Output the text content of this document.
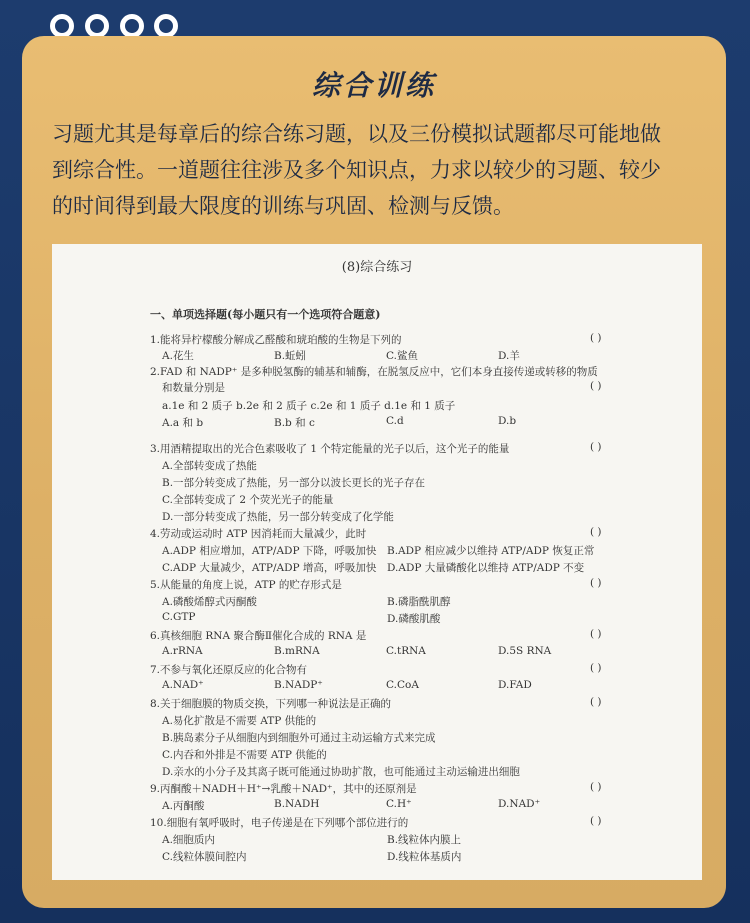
综合训练
习题尤其是每章后的综合练习题，以及三份模拟试题都尽可能地做
到综合性。一道题往往涉及多个知识点，力求以较少的习题、较少
的时间得到最大限度的训练与巩固、检测与反馈。
(8)综合练习
一、单项选择题(每小题只有一个选项符合题意)
1.能将异柠檬酸分解成乙醛酸和琥珀酸的生物是下列的	( )
A.花生	B.蚯蚓	C.鲨鱼	D.羊
2.FAD 和 NADP⁺ 是多种脱氢酶的辅基和辅酶，在脱氢反应中，它们本身直接传递或转移的物质
和数量分别是	( )
a.1e 和 2 质子 b.2e 和 2 质子 c.2e 和 1 质子 d.1e 和 1 质子
A.a 和 b	B.b 和 c	C.d	D.b
3.用酒精提取出的光合色素吸收了 1 个特定能量的光子以后，这个光子的能量	( )
A.全部转变成了热能
B.一部分转变成了热能，另一部分以波长更长的光子存在
C.全部转变成了 2 个荧光光子的能量
D.一部分转变成了热能，另一部分转变成了化学能
4.劳动或运动时 ATP 因消耗而大量减少，此时	( )
A.ADP 相应增加，ATP/ADP 下降，呼吸加快 B.ADP 相应减少以维持 ATP/ADP 恢复正常
C.ADP 大量减少，ATP/ADP 增高，呼吸加快 D.ADP 大量磷酸化以维持 ATP/ADP 不变
5.从能量的角度上说，ATP 的贮存形式是	( )
A.磷酸烯醇式丙酮酸	B.磷脂酰肌醇
C.GTP	D.磷酸肌酸
6.真核细胞 RNA 聚合酶Ⅱ催化合成的 RNA 是	( )
A.rRNA	B.mRNA	C.tRNA	D.5S RNA
7.不参与氧化还原反应的化合物有	( )
A.NAD⁺	B.NADP⁺	C.CoA	D.FAD
8.关于细胞膜的物质交换，下列哪一种说法是正确的	( )
A.易化扩散是不需要 ATP 供能的
B.胰岛素分子从细胞内到细胞外可通过主动运输方式来完成
C.内吞和外排是不需要 ATP 供能的
D.亲水的小分子及其离子既可能通过协助扩散，也可能通过主动运输进出细胞
9.丙酮酸＋NADH＋H⁺→乳酸＋NAD⁺，其中的还原剂是	( )
A.丙酮酸	B.NADH	C.H⁺	D.NAD⁺
10.细胞有氧呼吸时，电子传递是在下列哪个部位进行的	( )
A.细胞质内	B.线粒体内膜上
C.线粒体膜间腔内	D.线粒体基质内
